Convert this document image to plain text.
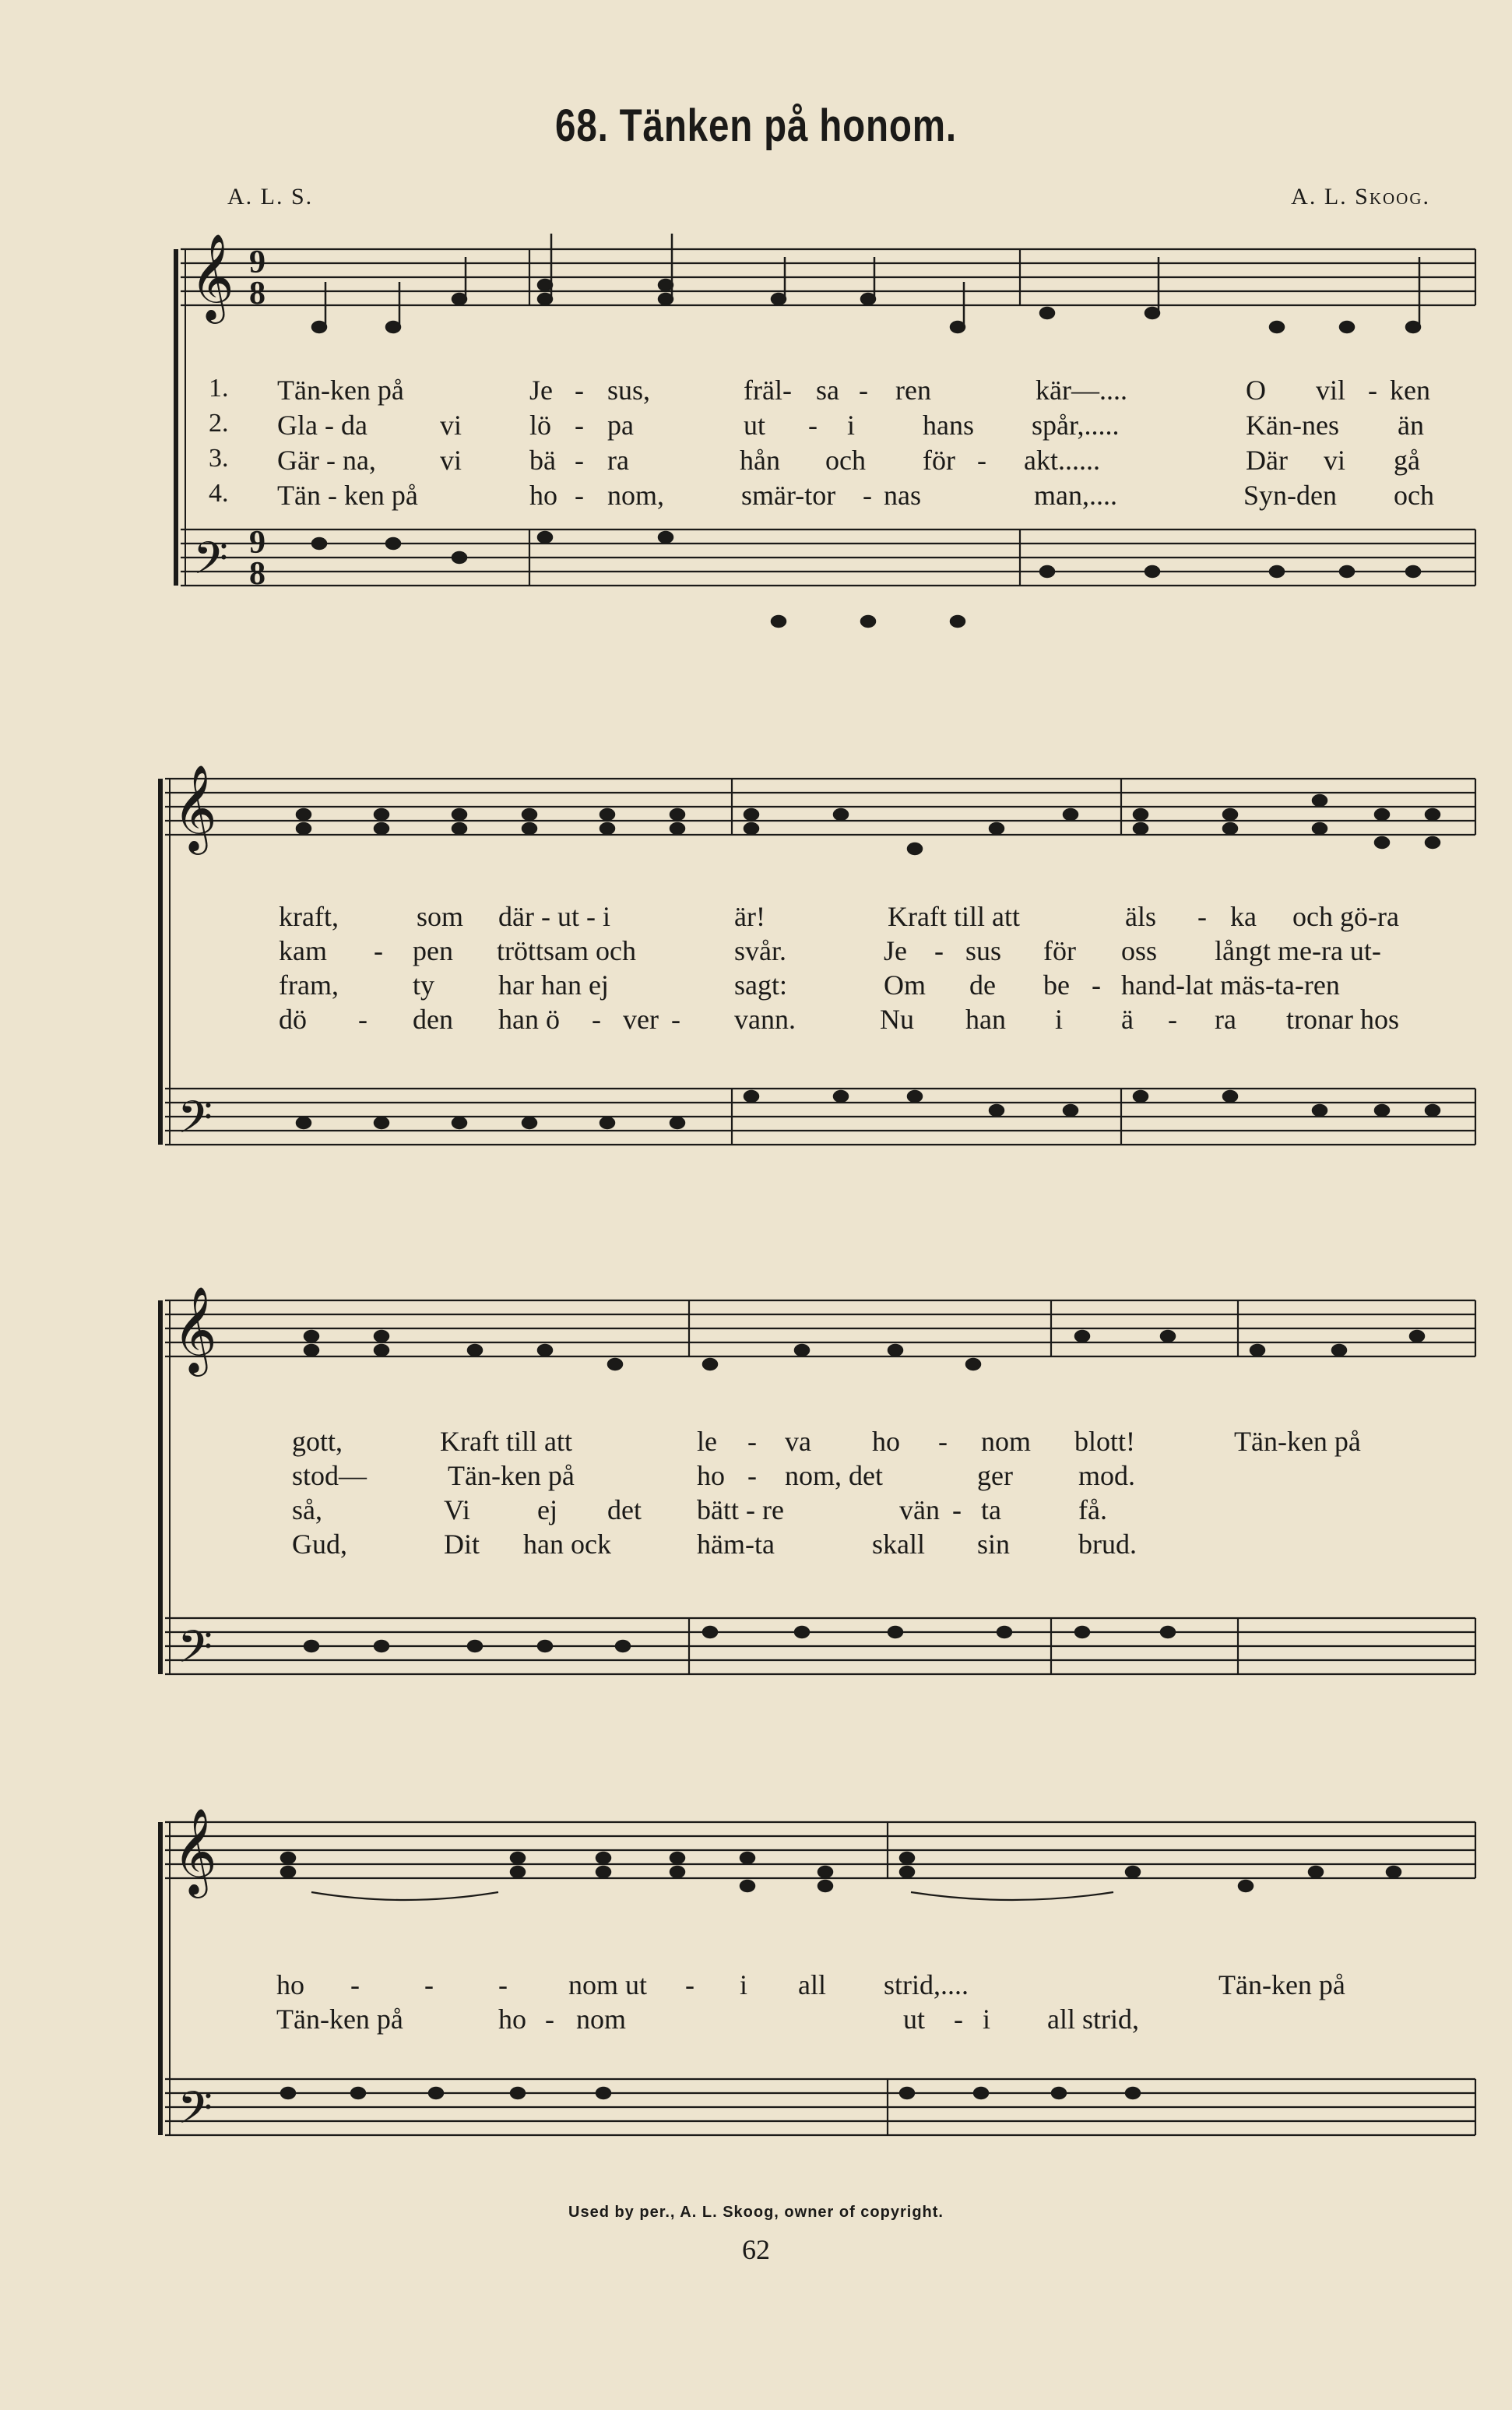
68. Tänken på honom.
A. L. S.	A. L. Skoog.
𝄞
𝄢
9
8
9
8
1. Tän-ken på	Je - sus,	fräl- sa - ren	kär—....	O vil - ken
2. Gla - da	vi lö - pa	ut - i hans spår,.....	Kän-nes än
3. Gär - na, vi bä - ra	hån och för - akt......	Där vi gå
4. Tän - ken på	ho - nom,	smär-tor - nas	man,....	Syn-den och
𝄞
𝄢
kraft,	som där - ut - i	är!	Kraft till att	äls - ka och gö-ra
kam - pen tröttsam och	svår.	Je - sus för oss långt me-ra ut-
fram,	ty har han ej	sagt:	Om de be - hand-lat mäs-ta-ren
dö - den han ö - ver - vann.	Nu han i ä - ra tronar hos
𝄞
𝄢
gott,	Kraft till att	le - va ho - nom blott!	Tän-ken på
stod—	Tän-ken på	ho - nom, det	ger mod.
så,	Vi ej det bätt - re	vän - ta	få.
Gud,	Dit han ock	häm-ta	skall sin brud.
𝄞
𝄢
ho - - - nom ut - i all strid,....	Tän-ken på
Tän-ken på	ho - nom	ut - i all strid,
Used by per., A. L. Skoog, owner of copyright.
62
